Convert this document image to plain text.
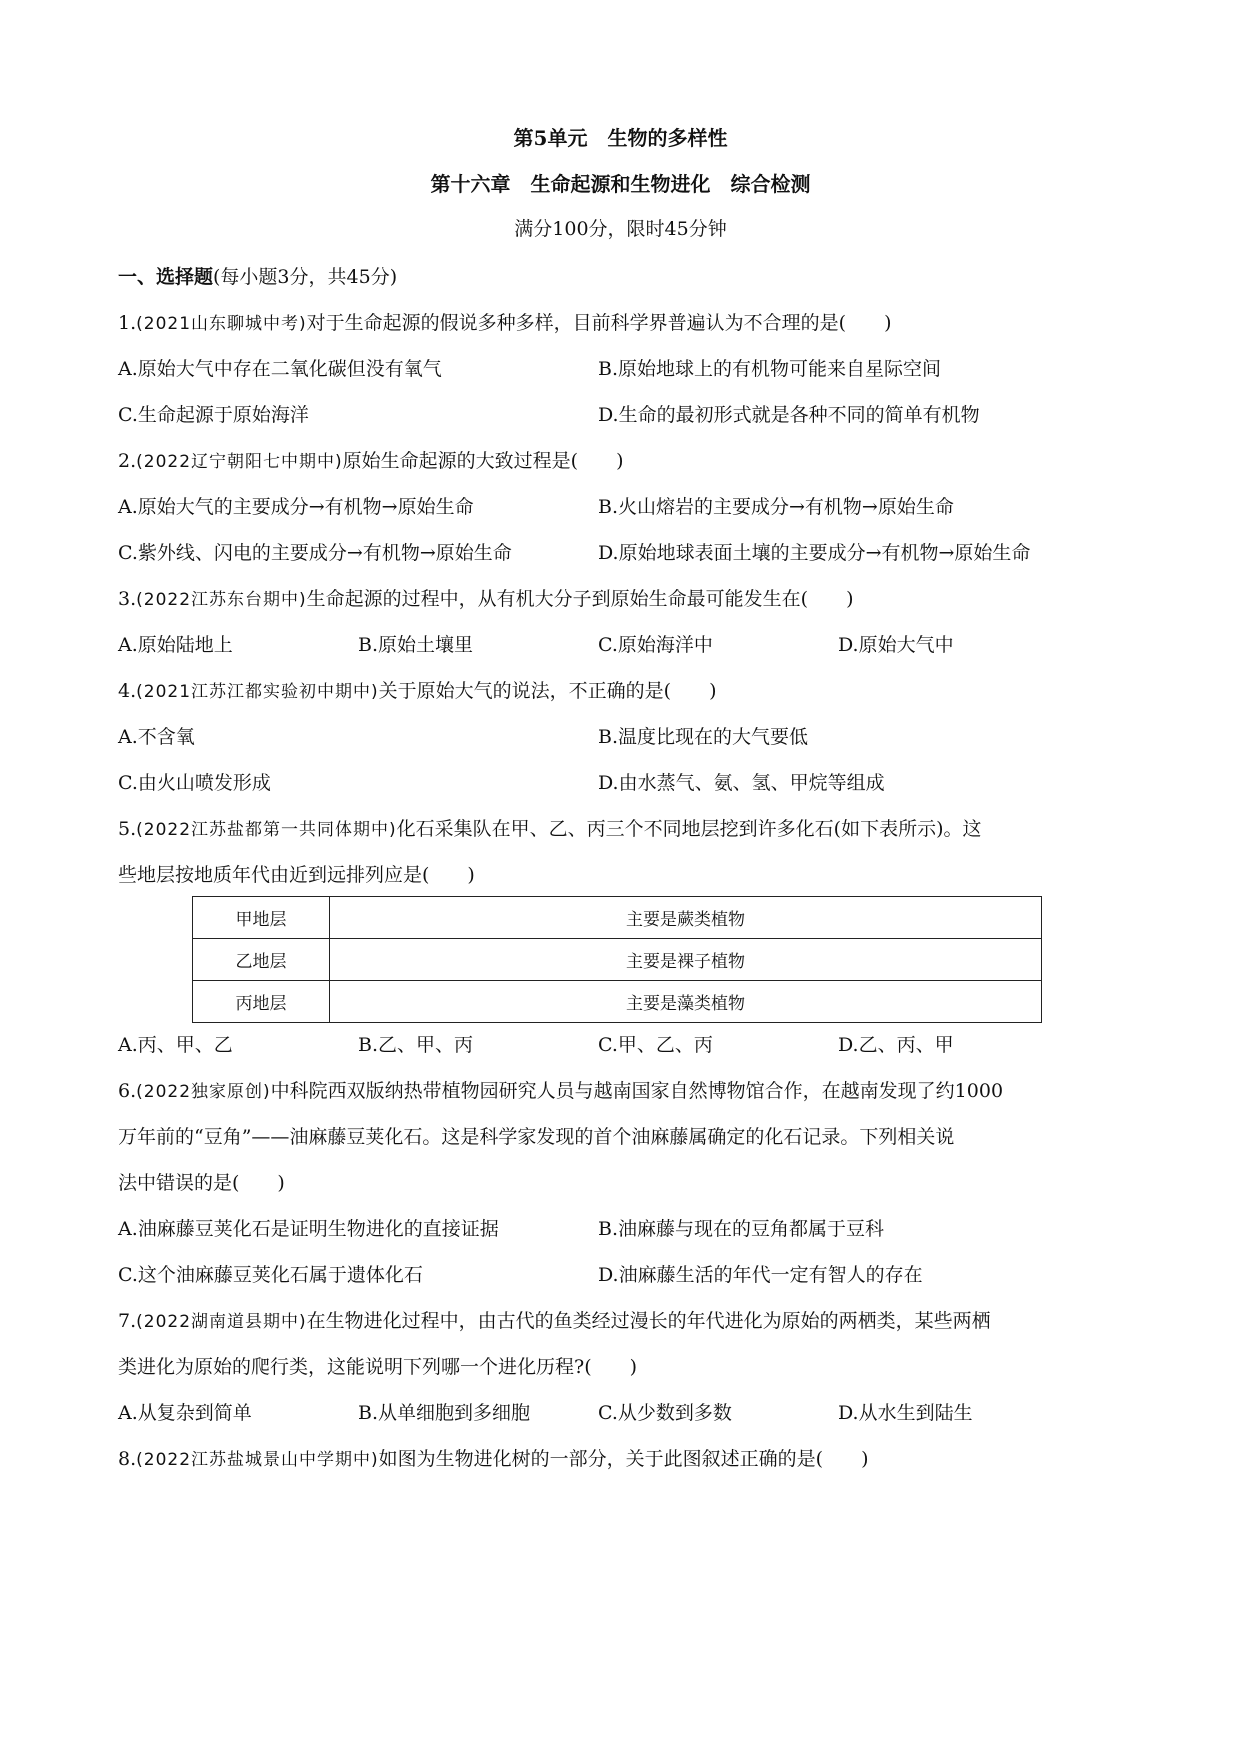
第5单元　生物的多样性
第十六章　生命起源和生物进化　综合检测
满分100分，限时45分钟
一、选择题(每小题3分，共45分)
1.(2021山东聊城中考)对于生命起源的假说多种多样，目前科学界普遍认为不合理的是(　　)
A.原始大气中存在二氧化碳但没有氧气	B.原始地球上的有机物可能来自星际空间
C.生命起源于原始海洋	D.生命的最初形式就是各种不同的简单有机物
2.(2022辽宁朝阳七中期中)原始生命起源的大致过程是(　　)
A.原始大气的主要成分→有机物→原始生命	B.火山熔岩的主要成分→有机物→原始生命
C.紫外线、闪电的主要成分→有机物→原始生命	D.原始地球表面土壤的主要成分→有机物→原始生命
3.(2022江苏东台期中)生命起源的过程中，从有机大分子到原始生命最可能发生在(　　)
A.原始陆地上	B.原始土壤里	C.原始海洋中	D.原始大气中
4.(2021江苏江都实验初中期中)关于原始大气的说法，不正确的是(　　)
A.不含氧	B.温度比现在的大气要低
C.由火山喷发形成	D.由水蒸气、氨、氢、甲烷等组成
5.(2022江苏盐都第一共同体期中)化石采集队在甲、乙、丙三个不同地层挖到许多化石(如下表所示)。这
些地层按地质年代由近到远排列应是(　　)
甲地层	主要是蕨类植物
乙地层	主要是裸子植物
丙地层	主要是藻类植物
A.丙、甲、乙	B.乙、甲、丙	C.甲、乙、丙	D.乙、丙、甲
6.(2022独家原创)中科院西双版纳热带植物园研究人员与越南国家自然博物馆合作，在越南发现了约1000
万年前的“豆角”——油麻藤豆荚化石。这是科学家发现的首个油麻藤属确定的化石记录。下列相关说
法中错误的是(　　)
A.油麻藤豆荚化石是证明生物进化的直接证据	B.油麻藤与现在的豆角都属于豆科
C.这个油麻藤豆荚化石属于遗体化石	D.油麻藤生活的年代一定有智人的存在
7.(2022湖南道县期中)在生物进化过程中，由古代的鱼类经过漫长的年代进化为原始的两栖类，某些两栖
类进化为原始的爬行类，这能说明下列哪一个进化历程?(　　)
A.从复杂到简单	B.从单细胞到多细胞	C.从少数到多数	D.从水生到陆生
8.(2022江苏盐城景山中学期中)如图为生物进化树的一部分，关于此图叙述正确的是(　　)
